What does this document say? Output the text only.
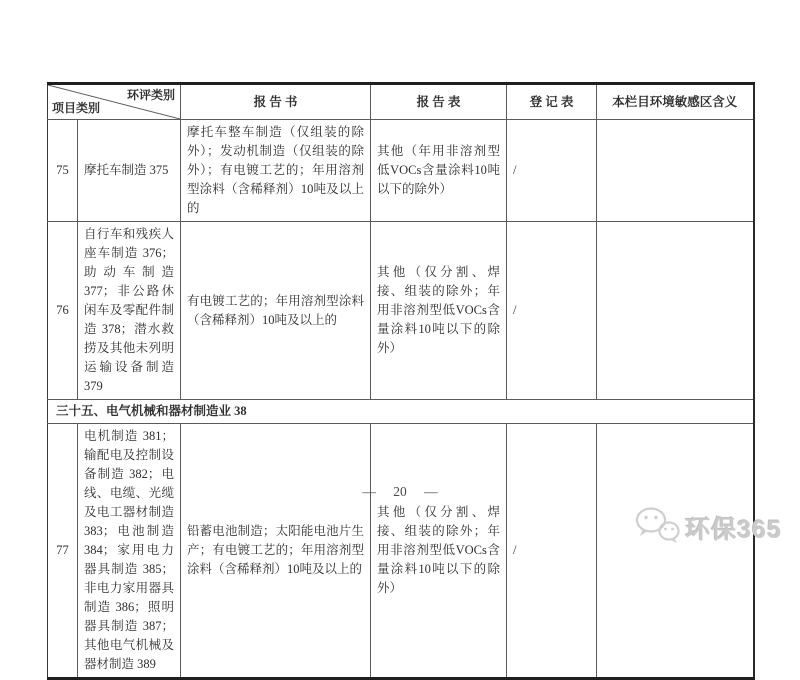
环评类别
项目类别		报 告 书	报 告 表	登 记 表	本栏目环境敏感区含义
75	摩托车制造 375	摩托车整车制造（仅组装的除外）；发动机制造（仅组装的除外）；有电镀工艺的；年用溶剂型涂料（含稀释剂）10吨及以上的	其他（年用非溶剂型低VOCs含量涂料10吨以下的除外）	/	
76	自行车和残疾人座车制造 376；助动车制造 377；非公路休闲车及零配件制造 378；潜水救捞及其他未列明运输设备制造 379	有电镀工艺的；年用溶剂型涂料（含稀释剂）10吨及以上的	其他（仅分割、焊接、组装的除外；年用非溶剂型低VOCs含量涂料10吨以下的除外）	/	
三十五、电气机械和器材制造业 38					
77	电机制造 381；输配电及控制设备制造 382；电线、电缆、光缆及电工器材制造 383；电池制造 384；家用电力器具制造 385；非电力家用器具制造 386；照明器具制造 387；其他电气机械及器材制造 389	铅蓄电池制造；太阳能电池片生产；有电镀工艺的；年用溶剂型涂料（含稀释剂）10吨及以上的	其他（仅分割、焊接、组装的除外；年用非溶剂型低VOCs含量涂料10吨以下的除外）	/	
— 20 —
环保365
